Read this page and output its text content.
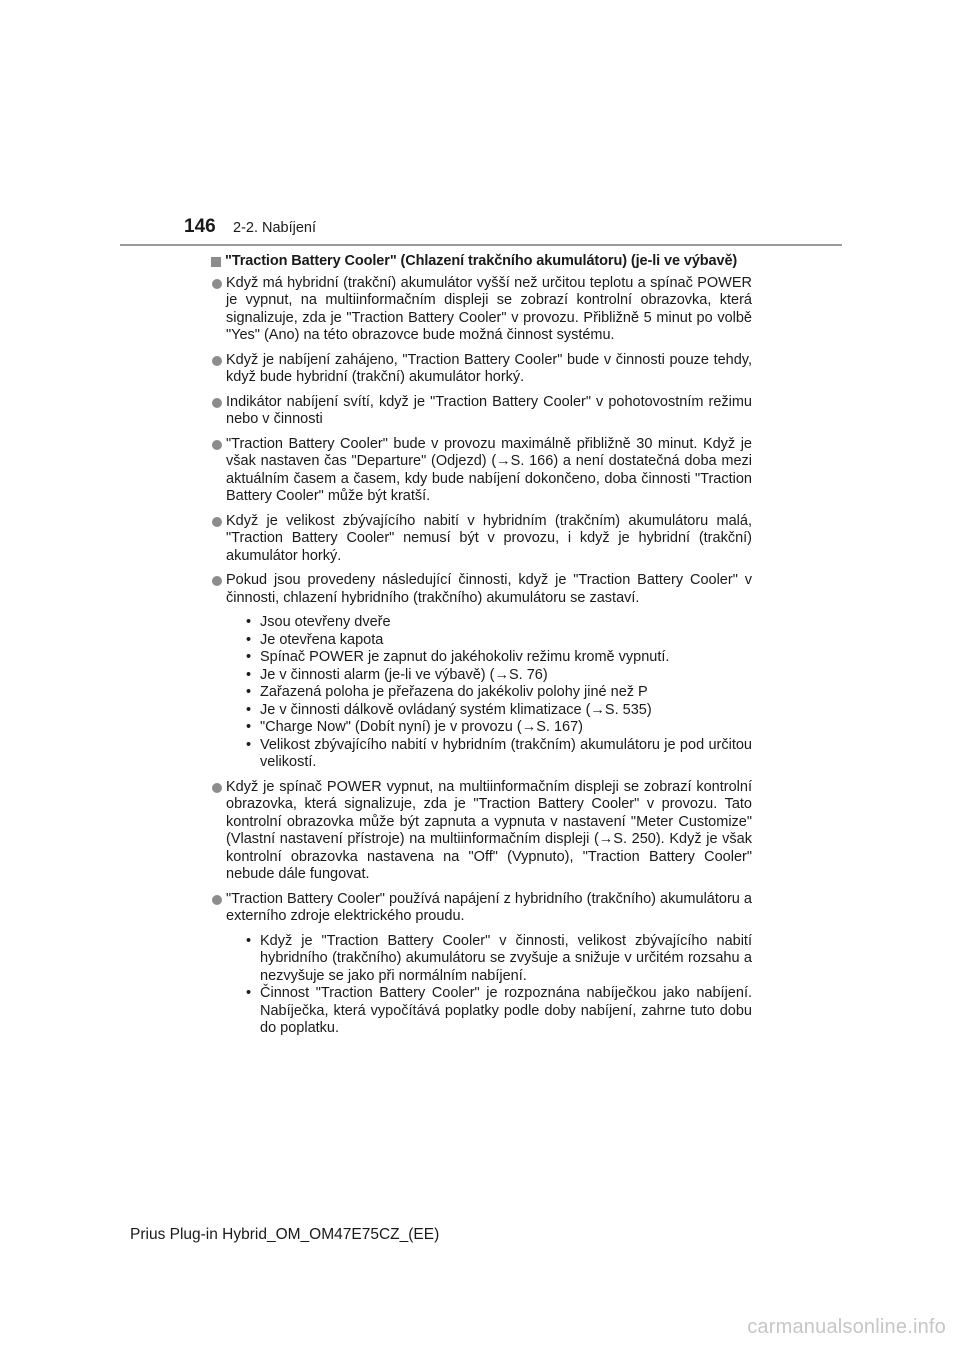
146 2-2. Nabíjení
"Traction Battery Cooler" (Chlazení trakčního akumulátoru) (je-li ve výbavě)
Když má hybridní (trakční) akumulátor vyšší než určitou teplotu a spínač POWER je vypnut, na multiinformačním displeji se zobrazí kontrolní obrazovka, která signalizuje, zda je "Traction Battery Cooler" v provozu. Přibližně 5 minut po volbě "Yes" (Ano) na této obrazovce bude možná činnost systému.
Když je nabíjení zahájeno, "Traction Battery Cooler" bude v činnosti pouze tehdy, když bude hybridní (trakční) akumulátor horký.
Indikátor nabíjení svítí, když je "Traction Battery Cooler" v pohotovostním režimu nebo v činnosti
"Traction Battery Cooler" bude v provozu maximálně přibližně 30 minut. Když je však nastaven čas "Departure" (Odjezd) (→S. 166) a není dostatečná doba mezi aktuálním časem a časem, kdy bude nabíjení dokončeno, doba činnosti "Traction Battery Cooler" může být kratší.
Když je velikost zbývajícího nabití v hybridním (trakčním) akumulátoru malá, "Traction Battery Cooler" nemusí být v provozu, i když je hybridní (trakční) akumulátor horký.
Pokud jsou provedeny následující činnosti, když je "Traction Battery Cooler" v činnosti, chlazení hybridního (trakčního) akumulátoru se zastaví.
• Jsou otevřeny dveře
• Je otevřena kapota
• Spínač POWER je zapnut do jakéhokoliv režimu kromě vypnutí.
• Je v činnosti alarm (je-li ve výbavě) (→S. 76)
• Zařazená poloha je přeřazena do jakékoliv polohy jiné než P
• Je v činnosti dálkově ovládaný systém klimatizace (→S. 535)
• "Charge Now" (Dobít nyní) je v provozu (→S. 167)
• Velikost zbývajícího nabití v hybridním (trakčním) akumulátoru je pod určitou velikostí.
Když je spínač POWER vypnut, na multiinformačním displeji se zobrazí kontrolní obrazovka, která signalizuje, zda je "Traction Battery Cooler" v provozu. Tato kontrolní obrazovka může být zapnuta a vypnuta v nastavení "Meter Customize" (Vlastní nastavení přístroje) na multiinformačním displeji (→S. 250). Když je však kontrolní obrazovka nastavena na "Off" (Vypnuto), "Traction Battery Cooler" nebude dále fungovat.
"Traction Battery Cooler" používá napájení z hybridního (trakčního) akumulátoru a externího zdroje elektrického proudu.
• Když je "Traction Battery Cooler" v činnosti, velikost zbývajícího nabití hybridního (trakčního) akumulátoru se zvyšuje a snižuje v určitém rozsahu a nezvyšuje se jako při normálním nabíjení.
• Činnost "Traction Battery Cooler" je rozpoznána nabíječkou jako nabíjení. Nabíječka, která vypočítává poplatky podle doby nabíjení, zahrne tuto dobu do poplatku.
Prius Plug-in Hybrid_OM_OM47E75CZ_(EE)
carmanualsonline.info
